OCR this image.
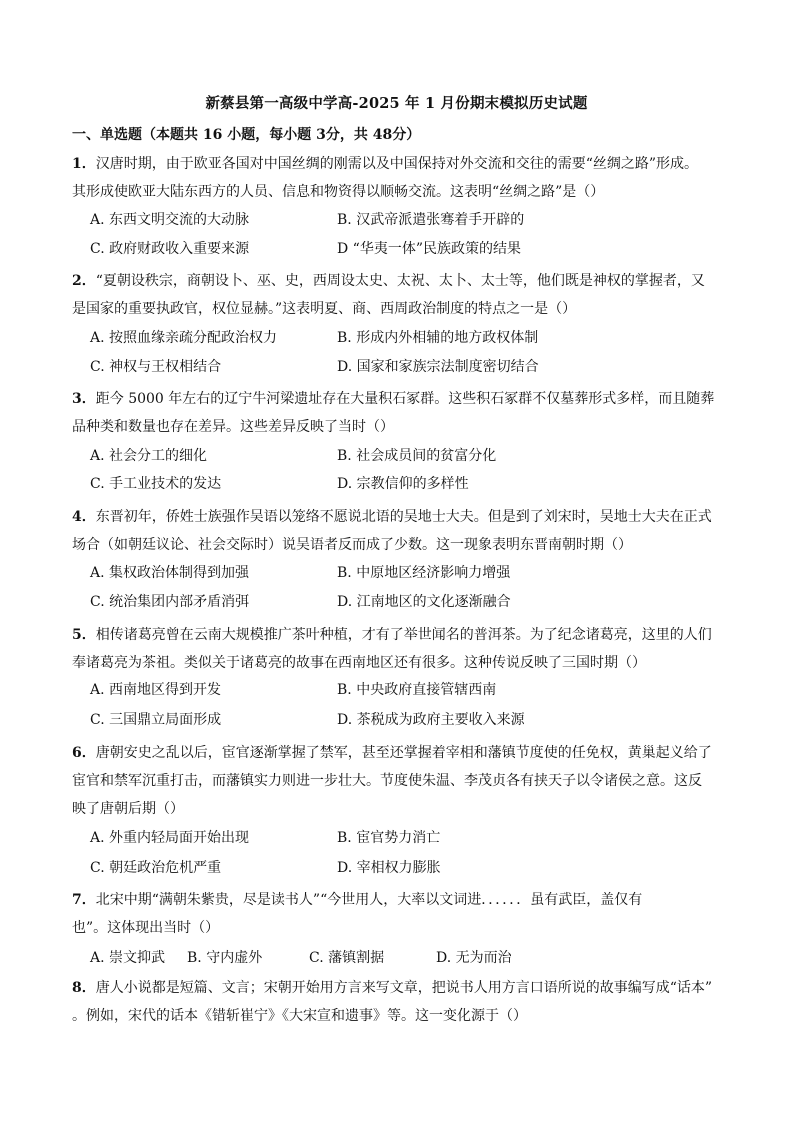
新蔡县第一高级中学高-2025 年 1 月份期末模拟历史试题
一、单选题（本题共 16 小题，每小题 3分，共 48分）
1．汉唐时期，由于欧亚各国对中国丝绸的刚需以及中国保持对外交流和交往的需要“丝绸之路”形成。
其形成使欧亚大陆东西方的人员、信息和物资得以顺畅交流。这表明“丝绸之路”是（）
A. 东西文明交流的大动脉	B. 汉武帝派遣张骞着手开辟的
C. 政府财政收入重要来源	D “华夷一体”民族政策的结果
2．“夏朝设秩宗，商朝设卜、巫、史，西周设太史、太祝、太卜、太士等，他们既是神权的掌握者，又
是国家的重要执政官，权位显赫。”这表明夏、商、西周政治制度的特点之一是（）
A. 按照血缘亲疏分配政治权力	B. 形成内外相辅的地方政权体制
C. 神权与王权相结合	D. 国家和家族宗法制度密切结合
3．距今 5000 年左右的辽宁牛河梁遗址存在大量积石冢群。这些积石冢群不仅墓葬形式多样，而且随葬
品种类和数量也存在差异。这些差异反映了当时（）
A. 社会分工的细化	B. 社会成员间的贫富分化
C. 手工业技术的发达	D. 宗教信仰的多样性
4．东晋初年，侨姓士族强作吴语以笼络不愿说北语的吴地士大夫。但是到了刘宋时，吴地士大夫在正式
场合（如朝廷议论、社会交际时）说吴语者反而成了少数。这一现象表明东晋南朝时期（）
A. 集权政治体制得到加强	B. 中原地区经济影响力增强
C. 统治集团内部矛盾消弭	D. 江南地区的文化逐渐融合
5．相传诸葛亮曾在云南大规模推广茶叶种植，才有了举世闻名的普洱茶。为了纪念诸葛亮，这里的人们
奉诸葛亮为茶祖。类似关于诸葛亮的故事在西南地区还有很多。这种传说反映了三国时期（）
A. 西南地区得到开发	B. 中央政府直接管辖西南
C. 三国鼎立局面形成	D. 茶税成为政府主要收入来源
6．唐朝安史之乱以后，宦官逐渐掌握了禁军，甚至还掌握着宰相和藩镇节度使的任免权，黄巢起义给了
宦官和禁军沉重打击，而藩镇实力则进一步壮大。节度使朱温、李茂贞各有挟天子以令诸侯之意。这反
映了唐朝后期（）
A. 外重内轻局面开始出现	B. 宦官势力消亡
C. 朝廷政治危机严重	D. 宰相权力膨胀
7．北宋中期“满朝朱紫贵，尽是读书人”“今世用人，大率以文词进．．．．．．虽有武臣，盖仅有
也”。这体现出当时（）
A. 崇文抑武 B. 守内虚外	C. 藩镇割据	D. 无为而治
8．唐人小说都是短篇、文言；宋朝开始用方言来写文章，把说书人用方言口语所说的故事编写成“话本”
。例如，宋代的话本《错斩崔宁》《大宋宣和遗事》等。这一变化源于（）
